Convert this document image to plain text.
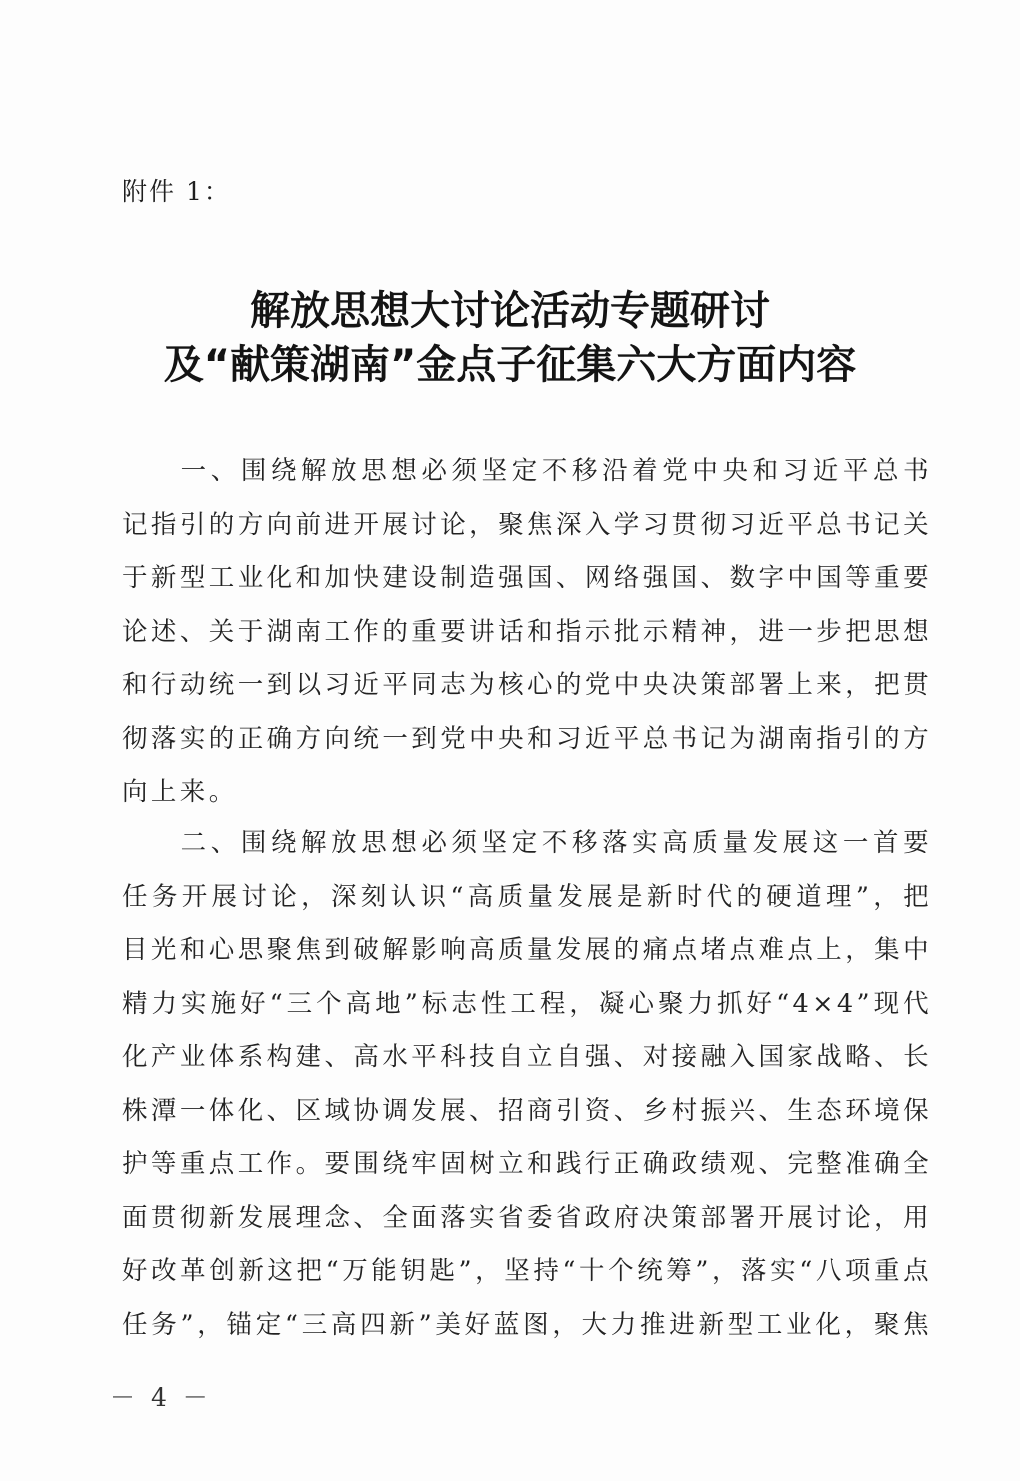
附件 1：
解放思想大讨论活动专题研讨
及“献策湖南”金点子征集六大方面内容

一、围绕解放思想必须坚定不移沿着党中央和习近平总书记指引的方向前进开展讨论，聚焦深入学习贯彻习近平总书记关于新型工业化和加快建设制造强国、网络强国、数字中国等重要论述、关于湖南工作的重要讲话和指示批示精神，进一步把思想和行动统一到以习近平同志为核心的党中央决策部署上来，把贯彻落实的正确方向统一到党中央和习近平总书记为湖南指引的方向上来。

二、围绕解放思想必须坚定不移落实高质量发展这一首要任务开展讨论，深刻认识“高质量发展是新时代的硬道理”，把目光和心思聚焦到破解影响高质量发展的痛点堵点难点上，集中精力实施好“三个高地”标志性工程，凝心聚力抓好“4×4”现代化产业体系构建、高水平科技自立自强、对接融入国家战略、长株潭一体化、区域协调发展、招商引资、乡村振兴、生态环境保护等重点工作。要围绕牢固树立和践行正确政绩观、完整准确全面贯彻新发展理念、全面落实省委省政府决策部署开展讨论，用好改革创新这把“万能钥匙”，坚持“十个统筹”，落实“八项重点任务”，锚定“三高四新”美好蓝图，大力推进新型工业化，聚焦

－ 4 －
